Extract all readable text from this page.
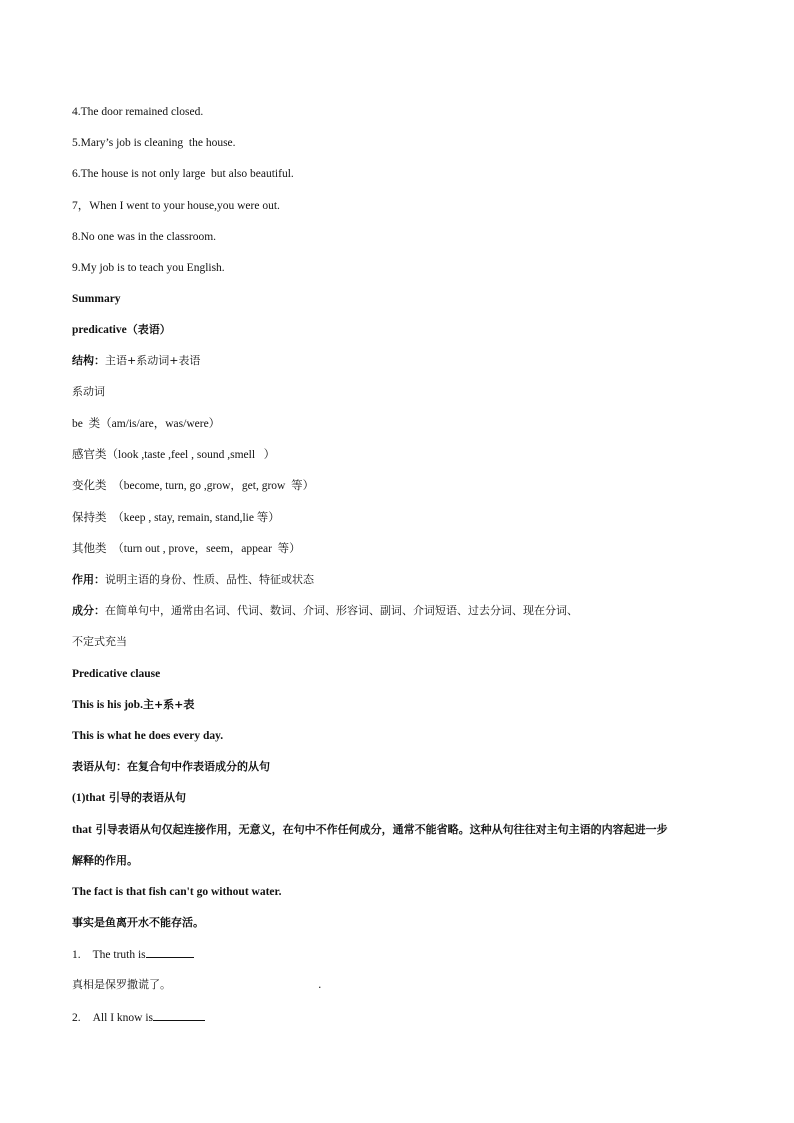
4.The door remained closed.
5.Mary’s job is cleaning  the house.
6.The house is not only large  but also beautiful.
7，When I went to your house,you were out.
8.No one was in the classroom.
9.My job is to teach you English.
Summary
predicative（表语）
结构：主语+系动词+表语
系动词
be  类（am/is/are，was/were）
感官类（look ,taste ,feel , sound ,smell   ）
变化类  （become, turn, go ,grow，get, grow  等）
保持类  （keep , stay, remain, stand,lie 等）
其他类  （turn out , prove，seem，appear  等）
作用：说明主语的身份、性质、品性、特征或状态
成分：在简单句中，通常由名词、代词、数词、介词、形容词、副词、介词短语、过去分词、现在分词、
不定式充当
Predicative clause
This is his job.主+系+表
This is what he does every day.
表语从句：在复合句中作表语成分的从句
(1)that 引导的表语从句
that 引导表语从句仅起连接作用，无意义，在句中不作任何成分，通常不能省略。这种从句往往对主句主语的内容起进一步
解释的作用。
The fact is that fish can't go without water.
事实是鱼离开水不能存活。
1. The truth is
真相是保罗撒谎了。	.
2. All I know is
